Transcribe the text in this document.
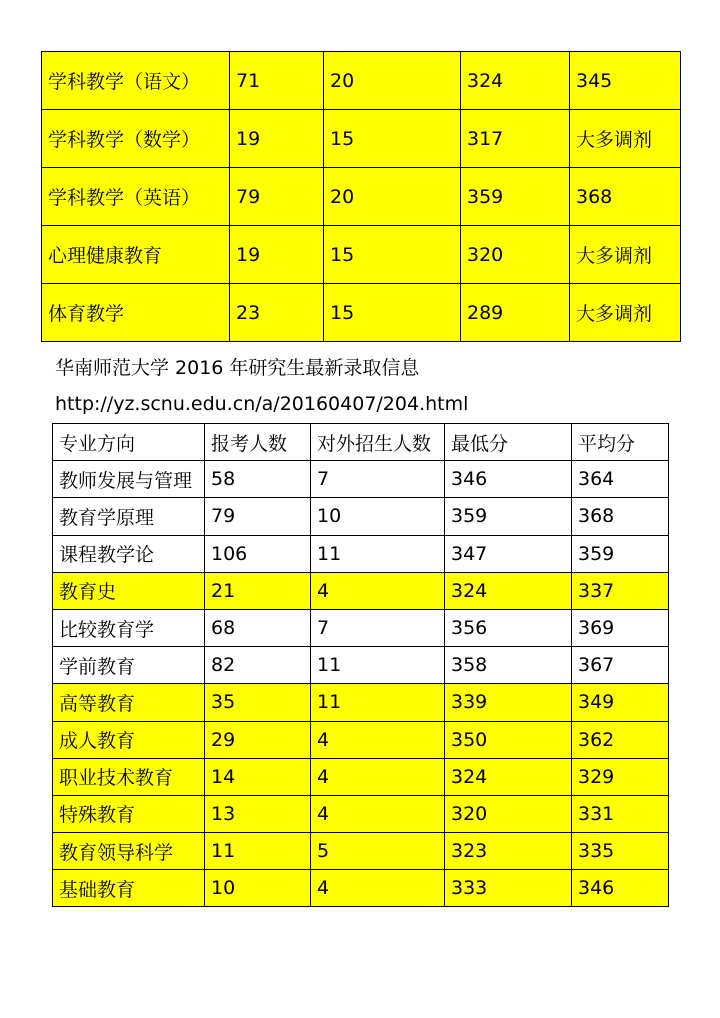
学科教学（语文）	71	20	324	345
学科教学（数学）	19	15	317	大多调剂
学科教学（英语）	79	20	359	368
心理健康教育	19	15	320	大多调剂
体育教学	23	15	289	大多调剂
华南师范大学 2016 年研究生最新录取信息
http://yz.scnu.edu.cn/a/20160407/204.html
专业方向	报考人数	对外招生人数	最低分	平均分
教师发展与管理	58	7	346	364
教育学原理	79	10	359	368
课程教学论	106	11	347	359
教育史	21	4	324	337
比较教育学	68	7	356	369
学前教育	82	11	358	367
高等教育	35	11	339	349
成人教育	29	4	350	362
职业技术教育	14	4	324	329
特殊教育	13	4	320	331
教育领导科学	11	5	323	335
基础教育	10	4	333	346
